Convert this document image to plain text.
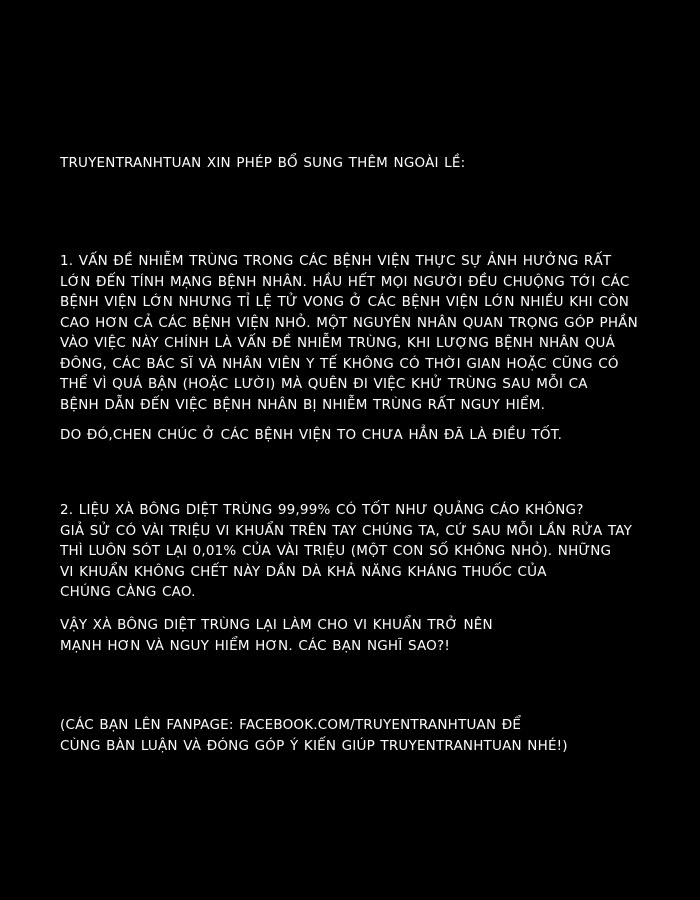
TRUYENTRANHTUAN XIN PHÉP BỔ SUNG THÊM NGOÀI LỀ:
1. VẤN ĐỀ NHIỄM TRÙNG TRONG CÁC BỆNH VIỆN THỰC SỰ ẢNH HƯỞNG RẤT
LỚN ĐẾN TÍNH MẠNG BỆNH NHÂN. HẦU HẾT MỌI NGƯỜI ĐỀU CHUỘNG TỚI CÁC
BỆNH VIỆN LỚN NHƯNG TỈ LỆ TỬ VONG Ở CÁC BỆNH VIỆN LỚN NHIỀU KHI CÒN
CAO HƠN CẢ CÁC BỆNH VIỆN NHỎ. MỘT NGUYÊN NHÂN QUAN TRỌNG GÓP PHẦN
VÀO VIỆC NÀY CHÍNH LÀ VẤN ĐỀ NHIỄM TRÙNG, KHI LƯỢNG BỆNH NHÂN QUÁ
ĐÔNG, CÁC BÁC SĨ VÀ NHÂN VIÊN Y TẾ KHÔNG CÓ THỜI GIAN HOẶC CŨNG CÓ
THỂ VÌ QUÁ BẬN (HOẶC LƯỜI) MÀ QUÊN ĐI VIỆC KHỬ TRÙNG SAU MỖI CA
BỆNH DẪN ĐẾN VIỆC BỆNH NHÂN BỊ NHIỄM TRÙNG RẤT NGUY HIỂM.
DO ĐÓ,CHEN CHÚC Ở CÁC BỆNH VIỆN TO CHƯA HẲN ĐÃ LÀ ĐIỀU TỐT.
2. LIỆU XÀ BÔNG DIỆT TRÙNG 99,99% CÓ TỐT NHƯ QUẢNG CÁO KHÔNG?
GIẢ SỬ CÓ VÀI TRIỆU VI KHUẨN TRÊN TAY CHÚNG TA, CỨ SAU MỖI LẦN RỬA TAY
THÌ LUÔN SÓT LẠI 0,01% CỦA VÀI TRIỆU (MỘT CON SỐ KHÔNG NHỎ). NHỮNG
VI KHUẨN KHÔNG CHẾT NÀY DẦN DÀ KHẢ NĂNG KHÁNG THUỐC CỦA
CHÚNG CÀNG CAO.
VẬY XÀ BÔNG DIỆT TRÙNG LẠI LÀM CHO VI KHUẨN TRỞ NÊN
MẠNH HƠN VÀ NGUY HIỂM HƠN. CÁC BẠN NGHĨ SAO?!
(CÁC BẠN LÊN FANPAGE: FACEBOOK.COM/TRUYENTRANHTUAN ĐỂ
CÙNG BÀN LUẬN VÀ ĐÓNG GÓP Ý KIẾN GIÚP TRUYENTRANHTUAN NHÉ!)
